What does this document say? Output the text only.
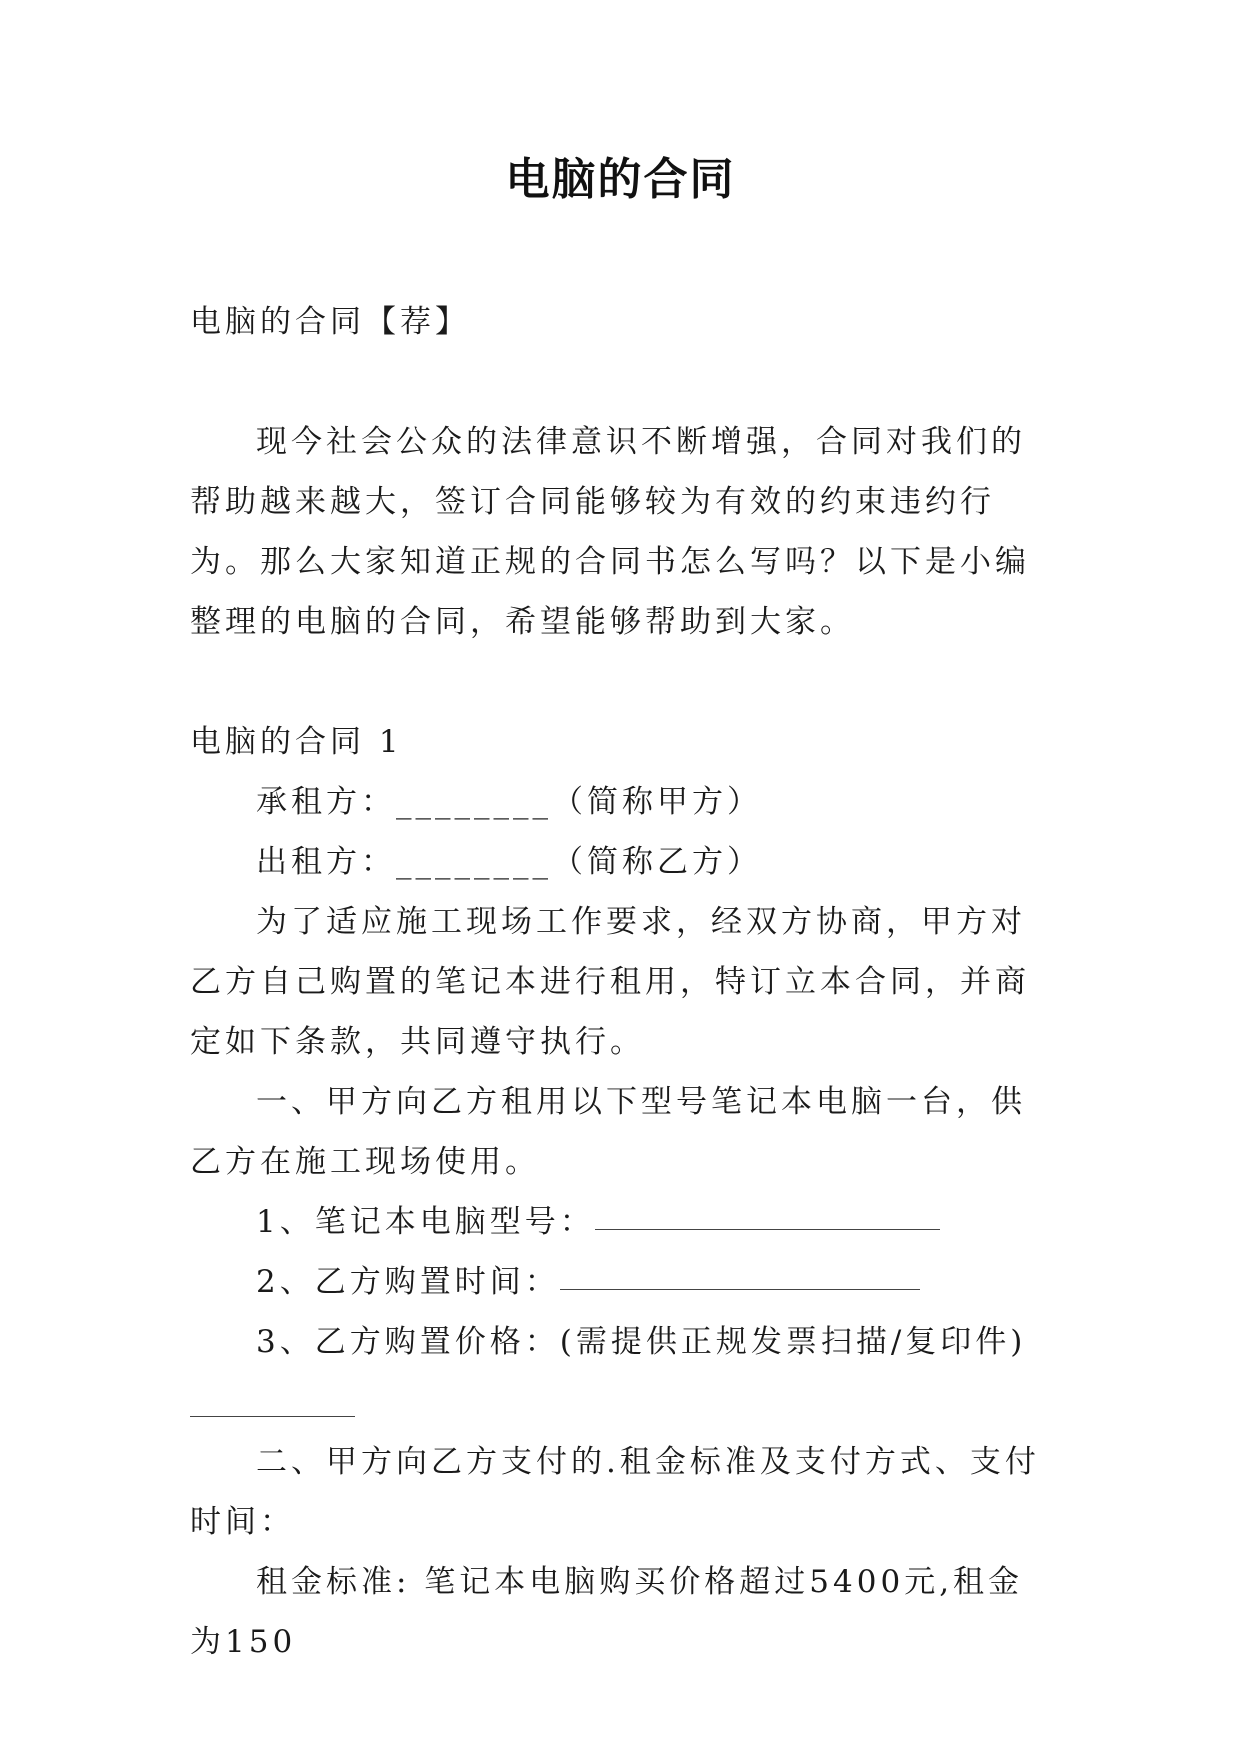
电脑的合同

电脑的合同【荐】

现今社会公众的法律意识不断增强，合同对我们的帮助越来越大，签订合同能够较为有效的约束违约行为。那么大家知道正规的合同书怎么写吗？以下是小编整理的电脑的合同，希望能够帮助到大家。

电脑的合同 1

承租方：________（简称甲方）

出租方：________（简称乙方）

为了适应施工现场工作要求，经双方协商，甲方对乙方自己购置的笔记本进行租用，特订立本合同，并商定如下条款，共同遵守执行。

一、甲方向乙方租用以下型号笔记本电脑一台，供乙方在施工现场使用。

1、笔记本电脑型号：

2、乙方购置时间：

3、乙方购置价格：(需提供正规发票扫描/复印件)

二、甲方向乙方支付的.租金标准及支付方式、支付时间：

租金标准: 笔记本电脑购买价格超过5400元,租金为150
